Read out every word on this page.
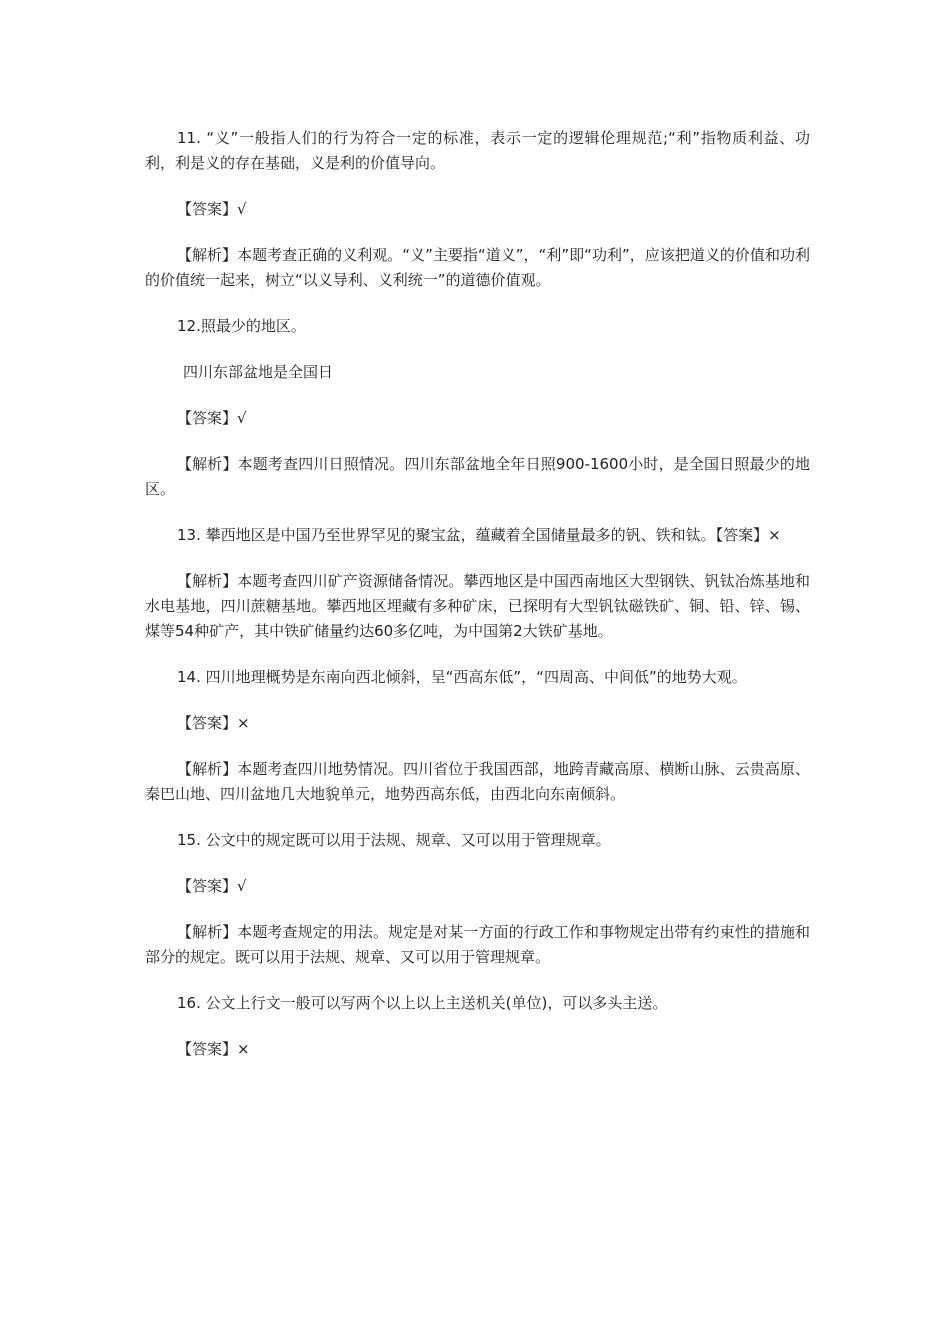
11. “义”一般指人们的行为符合一定的标准，表示一定的逻辑伦理规范;“利”指物质利益、功利，利是义的存在基础，义是利的价值导向。

【答案】√

【解析】本题考查正确的义利观。“义”主要指“道义”，“利”即“功利”，应该把道义的价值和功利的价值统一起来，树立“以义导利、义利统一”的道德价值观。

12.照最少的地区。

四川东部盆地是全国日

【答案】√

【解析】本题考查四川日照情况。四川东部盆地全年日照900-1600小时，是全国日照最少的地区。

13. 攀西地区是中国乃至世界罕见的聚宝盆，蕴藏着全国储量最多的钒、铁和钛。【答案】×

【解析】本题考查四川矿产资源储备情况。攀西地区是中国西南地区大型钢铁、钒钛冶炼基地和水电基地，四川蔗糖基地。攀西地区埋藏有多种矿床，已探明有大型钒钛磁铁矿、铜、铅、锌、锡、煤等54种矿产，其中铁矿储量约达60多亿吨，为中国第2大铁矿基地。

14. 四川地理概势是东南向西北倾斜，呈“西高东低”，“四周高、中间低”的地势大观。

【答案】×

【解析】本题考查四川地势情况。四川省位于我国西部，地跨青藏高原、横断山脉、云贵高原、秦巴山地、四川盆地几大地貌单元，地势西高东低，由西北向东南倾斜。

15. 公文中的规定既可以用于法规、规章、又可以用于管理规章。

【答案】√

【解析】本题考查规定的用法。规定是对某一方面的行政工作和事物规定出带有约束性的措施和部分的规定。既可以用于法规、规章、又可以用于管理规章。

16. 公文上行文一般可以写两个以上以上主送机关(单位)，可以多头主送。

【答案】×
